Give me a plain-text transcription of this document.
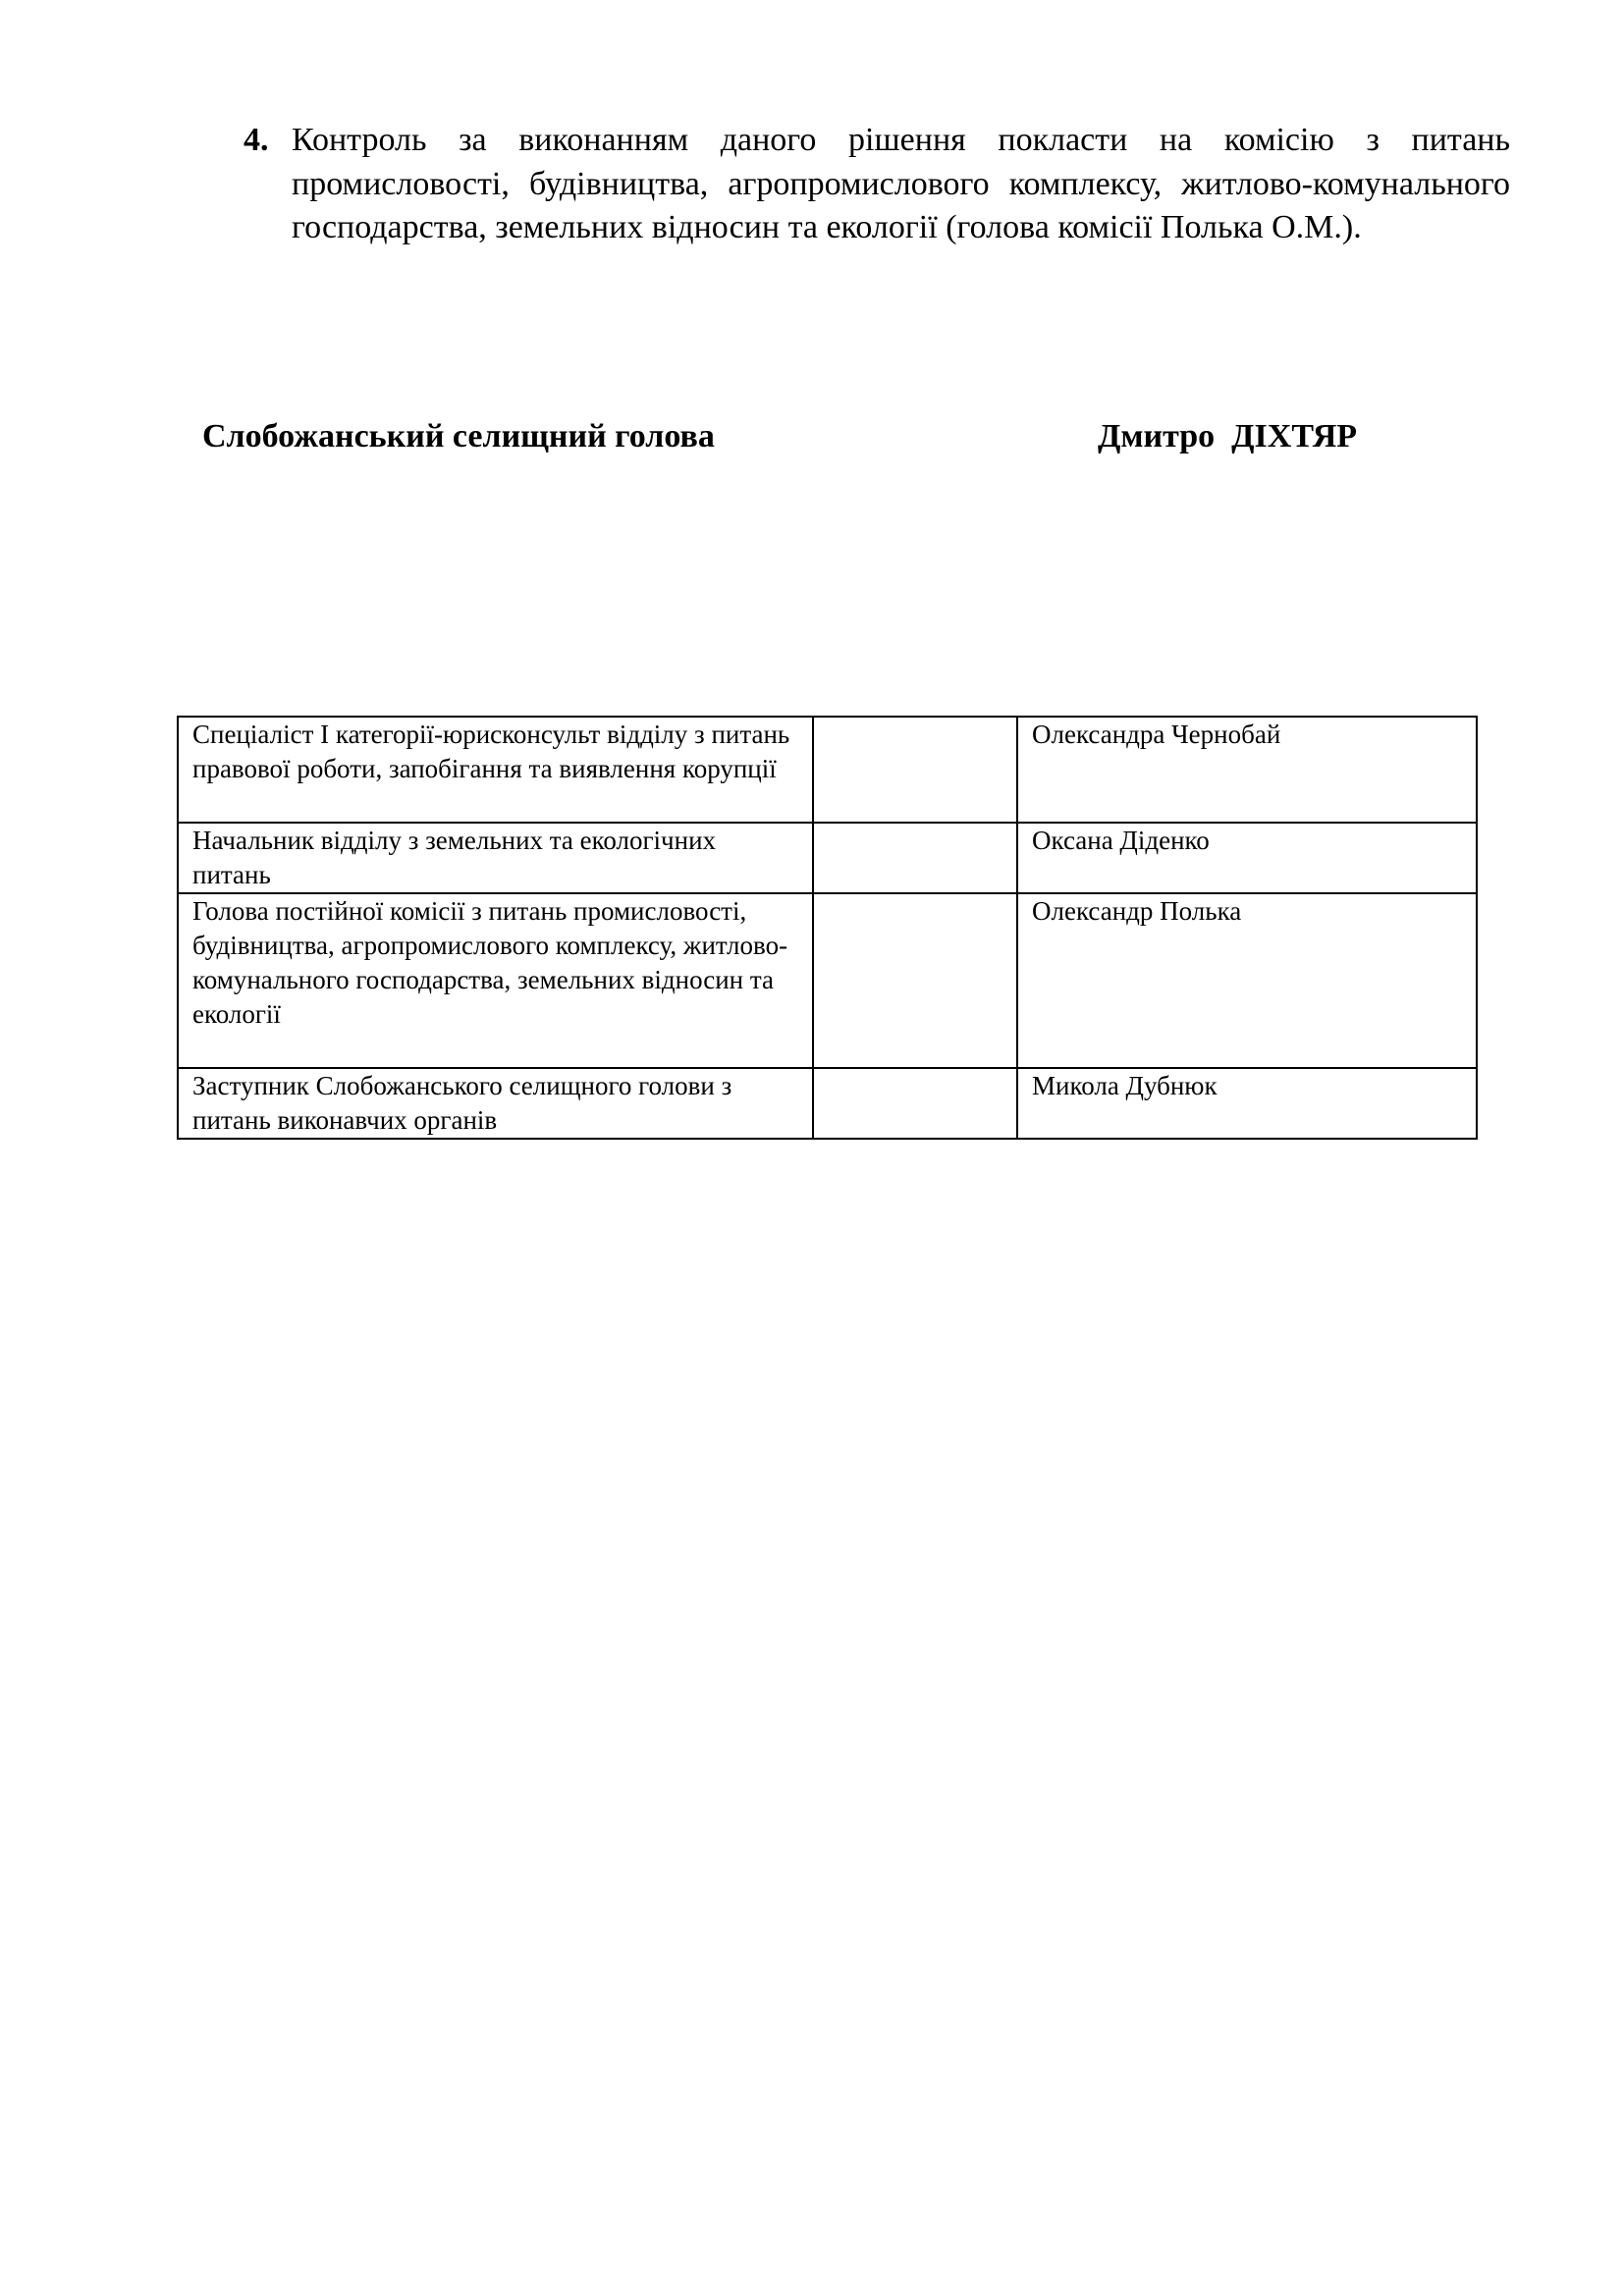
4. Контроль за виконанням даного рішення покласти на комісію з питань промисловості, будівництва, агропромислового комплексу, житлово-комунального господарства, земельних відносин та екології (голова комісії Полька О.М.).
Слобожанський селищний голова	Дмитро  ДІХТЯР
Спеціаліст І категорії-юрисконсульт відділу з питань правової роботи, запобігання та виявлення корупції		Олександра Чернобай

Начальник відділу з земельних та екологічних питань		Оксана Діденко

Голова постійної комісії з питань промисловості, будівництва, агропромислового комплексу, житлово-комунального господарства, земельних відносин та екології		Олександр Полька

Заступник Слобожанського селищного голови з питань виконавчих органів		Микола Дубнюк
